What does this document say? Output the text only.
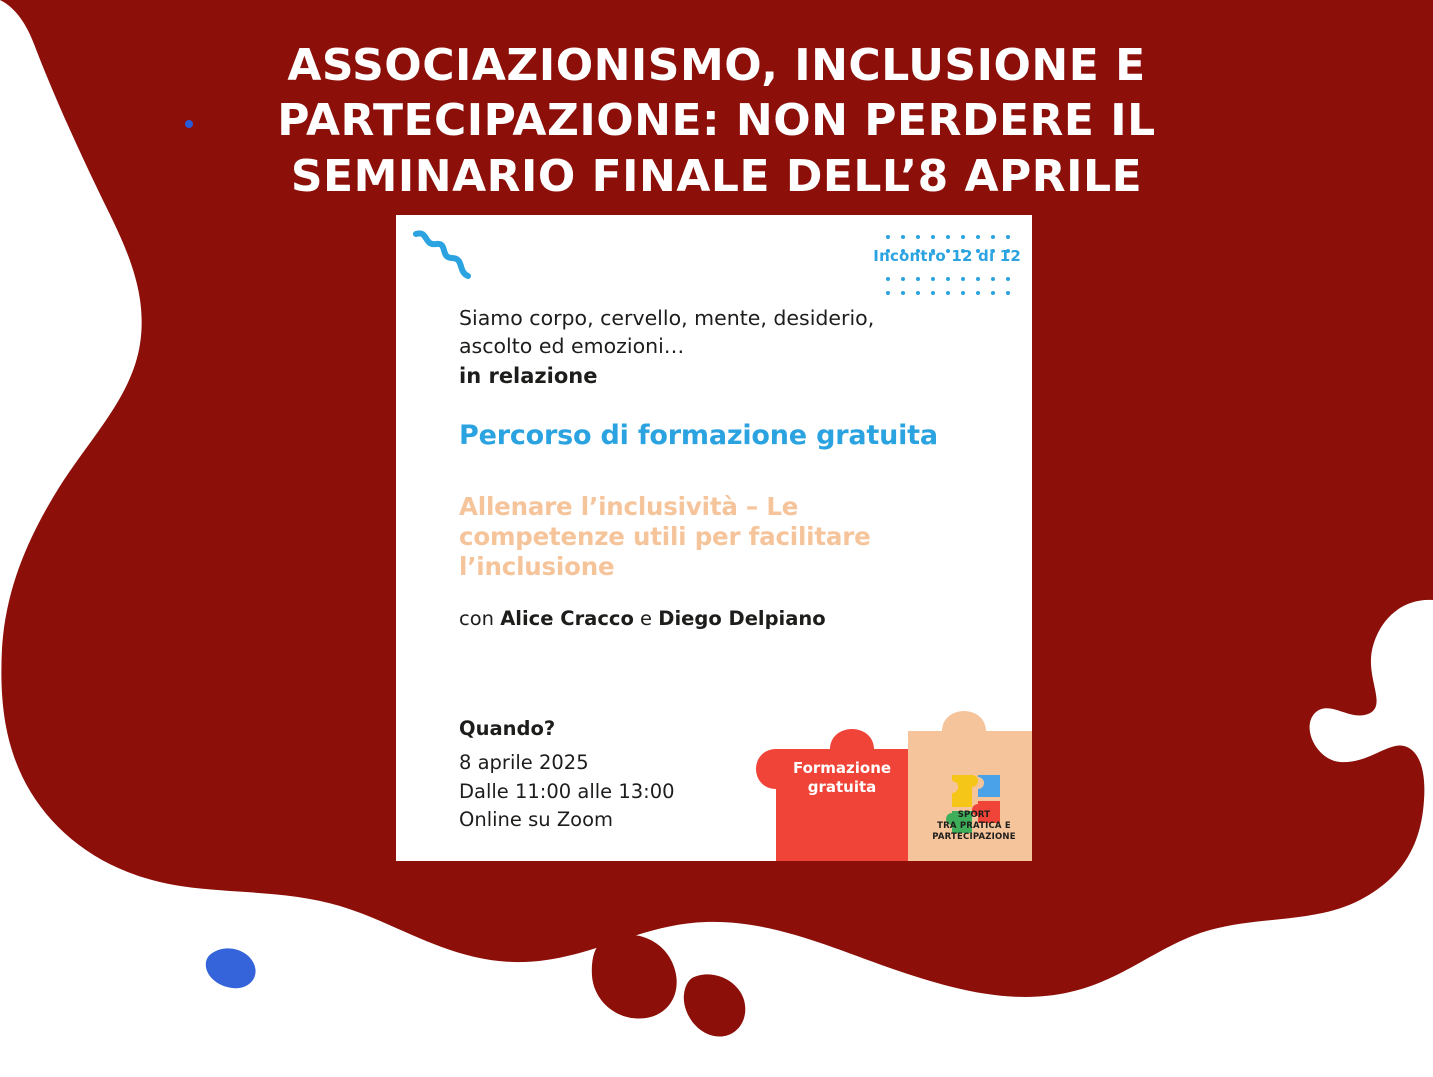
ASSOCIAZIONISMO, INCLUSIONE E
PARTECIPAZIONE: NON PERDERE IL
SEMINARIO FINALE DELL’8 APRILE
Incontro 12 di 12
Siamo corpo, cervello, mente, desiderio,
ascolto ed emozioni…
in relazione
Percorso di formazione gratuita
Allenare l’inclusività – Le
competenze utili per facilitare
l’inclusione
con Alice Cracco e Diego Delpiano
Quando?
8 aprile 2025
Dalle 11:00 alle 13:00
Online su Zoom
Formazione
gratuita
SPORT
TRA PRATICA E
PARTECIPAZIONE
